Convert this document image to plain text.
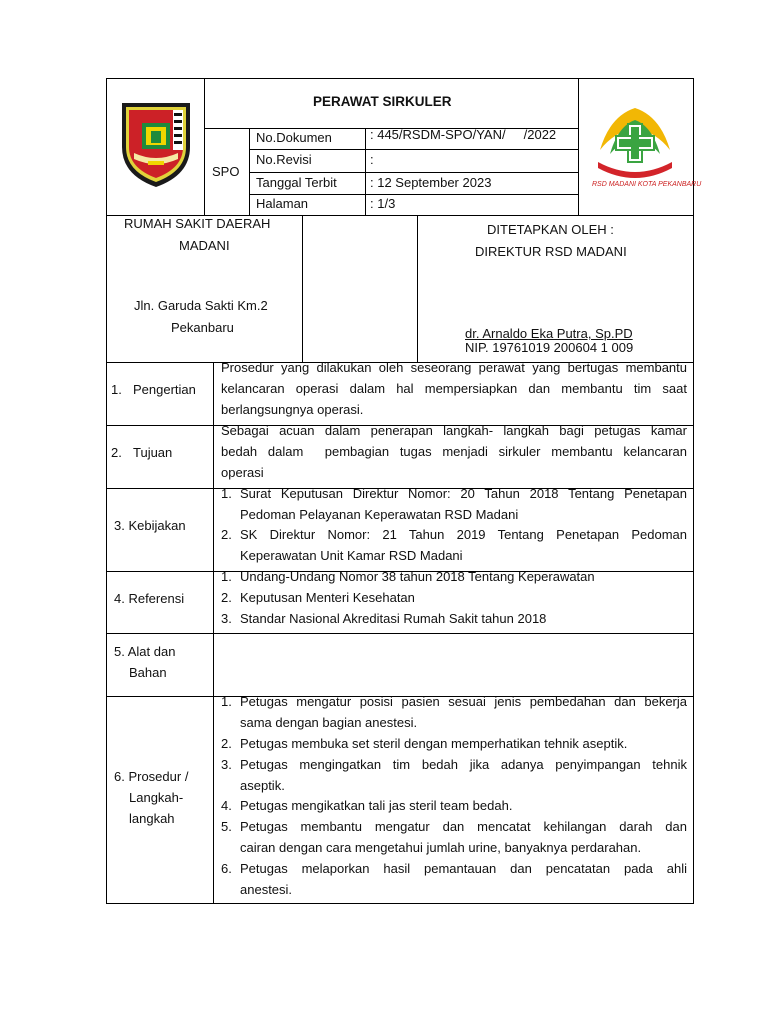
RSD MADANI KOTA PEKANBARU
PERAWAT SIRKULER
SPO
No.Dokumen	: 445/RSDM-SPO/YAN/     /2022
No.Revisi	:
Tanggal Terbit	: 12 September 2023
Halaman	: 1/3
RUMAH SAKIT DAERAH
MADANI
Jln. Garuda Sakti Km.2
Pekanbaru
DITETAPKAN OLEH :
DIREKTUR RSD MADANI
dr. Arnaldo Eka Putra, Sp.PD
NIP. 19761019 200604 1 009
1. Pengertian
Prosedur yang dilakukan oleh seseorang perawat yang bertugas membantu
kelancaran operasi dalam hal mempersiapkan dan membantu tim saat
berlangsungnya operasi.
2. Tujuan
Sebagai acuan dalam penerapan langkah- langkah bagi petugas kamar
bedah dalam  pembagian tugas menjadi sirkuler membantu kelancaran
operasi
3. Kebijakan
1. Surat Keputusan Direktur Nomor: 20 Tahun 2018 Tentang Penetapan
Pedoman Pelayanan Keperawatan RSD Madani
2. SK Direktur Nomor: 21 Tahun 2019 Tentang Penetapan Pedoman
Keperawatan Unit Kamar RSD Madani
4. Referensi
1. Undang-Undang Nomor 38 tahun 2018 Tentang Keperawatan
2. Keputusan Menteri Kesehatan
3. Standar Nasional Akreditasi Rumah Sakit tahun 2018
5. Alat dan
Bahan
6. Prosedur /
Langkah-
langkah
1. Petugas mengatur posisi pasien sesuai jenis pembedahan dan bekerja
sama dengan bagian anestesi.
2. Petugas membuka set steril dengan memperhatikan tehnik aseptik.
3. Petugas mengingatkan tim bedah jika adanya penyimpangan tehnik
aseptik.
4. Petugas mengikatkan tali jas steril team bedah.
5. Petugas membantu mengatur dan mencatat kehilangan darah dan
cairan dengan cara mengetahui jumlah urine, banyaknya perdarahan.
6. Petugas melaporkan hasil pemantauan dan pencatatan pada ahli
anestesi.
